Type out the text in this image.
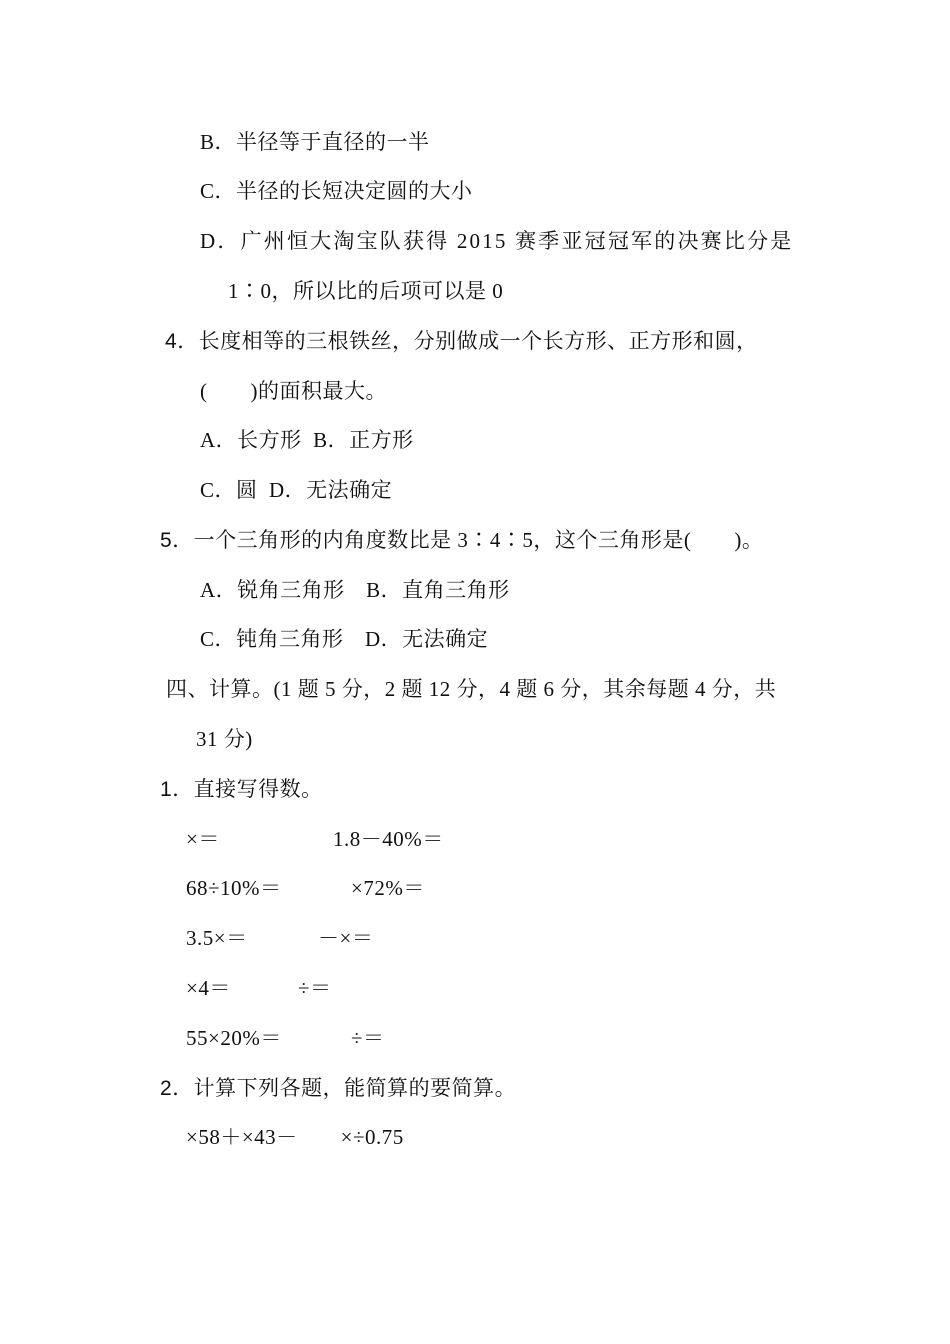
B．半径等于直径的一半
C．半径的长短决定圆的大小
D．广州恒大淘宝队获得 2015 赛季亚冠冠军的决赛比分是
1∶0，所以比的后项可以是 0
4．长度相等的三根铁丝，分别做成一个长方形、正方形和圆，
(　　)的面积最大。
A．长方形  B．正方形
C．圆  D．无法确定
5．一个三角形的内角度数比是 3∶4∶5，这个三角形是(　　)。
A．锐角三角形　B．直角三角形
C．钝角三角形　D．无法确定
四、计算。(1 题 5 分，2 题 12 分，4 题 6 分，其余每题 4 分，共
31 分)
1．直接写得数。
×＝	1.8－40%＝
68÷10%＝	×72%＝
3.5×＝	－×＝
×4＝	÷＝
55×20%＝	÷＝
2．计算下列各题，能简算的要简算。
×58＋×43－　　×÷0.75
